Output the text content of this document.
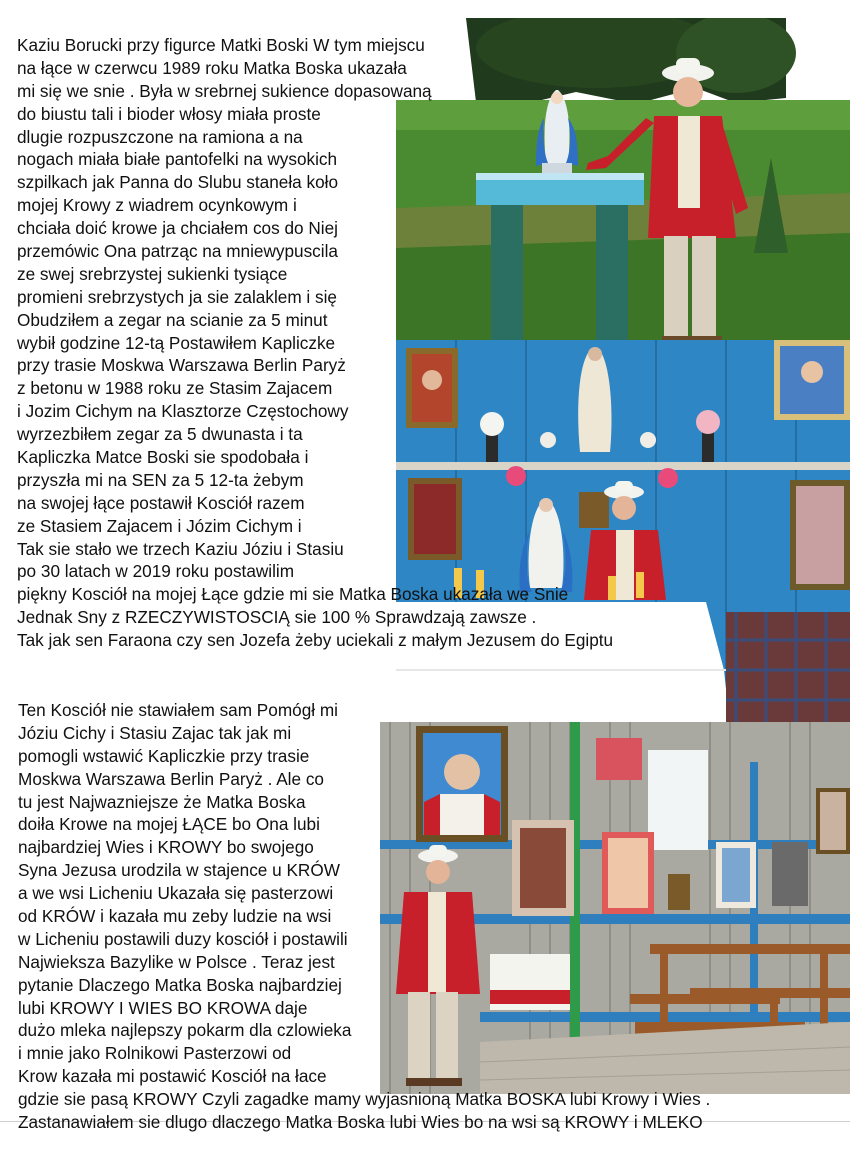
Kaziu Borucki przy figurce Matki Boski W tym miejscu
na łące w czerwcu 1989 roku Matka Boska ukazała
mi się we snie . Była w srebrnej sukience dopasowaną
do biustu tali i bioder włosy miała proste
dlugie rozpuszczone na ramiona a na
nogach miała białe pantofelki na wysokich
szpilkach jak Panna do Slubu staneła koło
mojej Krowy z wiadrem ocynkowym i
chciała doić krowe ja chciałem cos do Niej
przemówic Ona patrząc na mniewypuscila
ze swej srebrzystej sukienki tysiące
promieni srebrzystych ja sie zalaklem i się
Obudziłem a zegar na scianie za 5 minut
wybił godzine 12-tą Postawiłem Kapliczke
przy trasie Moskwa Warszawa Berlin Paryż
z betonu w 1988 roku ze Stasim Zajacem
i Jozim Cichym na Klasztorze Częstochowy
wyrzezbiłem zegar za 5 dwunasta i ta
Kapliczka Matce Boski sie spodobała i
przyszła mi na SEN za 5 12-ta żebym
na swojej łące postawił Kosciół razem
ze Stasiem Zajacem i Józim Cichym i
Tak sie stało we trzech Kaziu Józiu i Stasiu
po 30 latach w 2019 roku postawilim
piękny Kosciół na mojej Łące gdzie mi sie Matka Boska ukazała we Snie
Jednak Sny z RZECZYWISTOSCIĄ sie 100 % Sprawdzają zawsze .
Tak jak sen Faraona czy sen Jozefa żeby uciekali z małym Jezusem do Egiptu
Ten Kosciół nie stawiałem sam Pomógł mi
Józiu Cichy i Stasiu Zajac tak jak mi
pomogli wstawić Kapliczkie przy trasie
Moskwa Warszawa Berlin Paryż . Ale co
tu jest Najwazniejsze że Matka Boska
doiła Krowe na mojej ŁĄCE bo Ona lubi
najbardziej Wies i KROWY bo swojego
Syna Jezusa urodzila w stajence u KRÓW
a we wsi Licheniu Ukazała się pasterzowi
od KRÓW i kazała mu zeby ludzie na wsi
w Licheniu postawili duzy kosciół i postawili
Najwieksza Bazylike w Polsce . Teraz jest
pytanie Dlaczego Matka Boska najbardziej
lubi KROWY I WIES BO KROWA daje
dużo mleka najlepszy pokarm dla czlowieka
i mnie jako Rolnikowi Pasterzowi od
Krow kazała mi postawić Kosciół na łace
gdzie sie pasą KROWY Czyli zagadke mamy wyjasnioną Matka BOSKA lubi Krowy i Wies .
Zastanawiałem sie dlugo dlaczego Matka Boska lubi Wies bo na wsi są KROWY i MLEKO
